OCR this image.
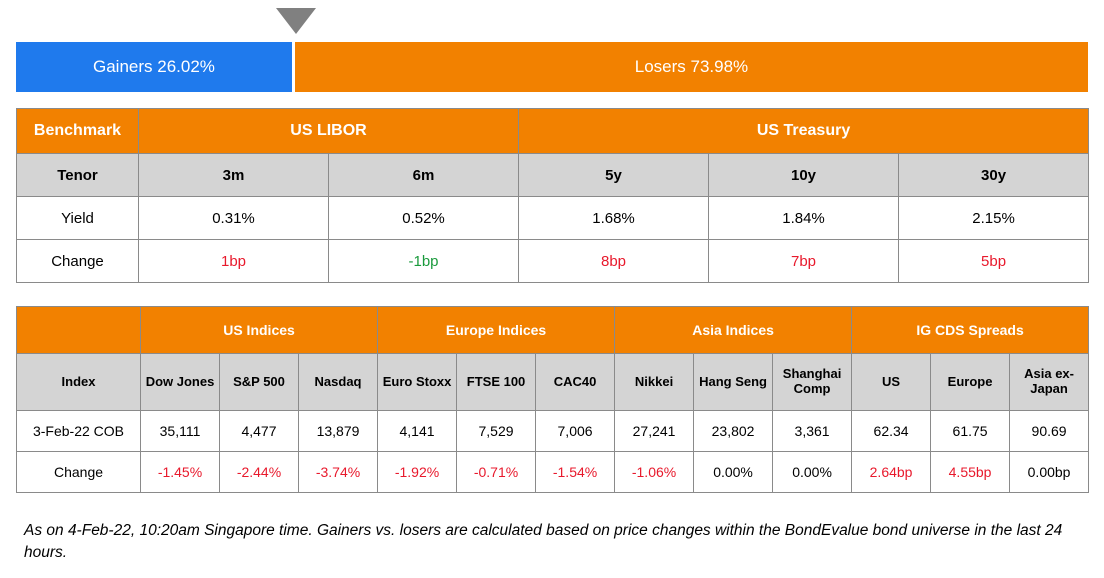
Gainers 26.02%	Losers 73.98%
Benchmark	US LIBOR		US Treasury		
Tenor	3m	6m	5y	10y	30y
Yield	0.31%	0.52%	1.68%	1.84%	2.15%
Change	1bp	-1bp	8bp	7bp	5bp
	US Indices			Europe Indices			Asia Indices			IG CDS Spreads		
Index	Dow Jones	S&P 500	Nasdaq	Euro Stoxx	FTSE 100	CAC40	Nikkei	Hang Seng	Shanghai Comp	US	Europe	Asia ex-Japan
3-Feb-22 COB	35,111	4,477	13,879	4,141	7,529	7,006	27,241	23,802	3,361	62.34	61.75	90.69
Change	-1.45%	-2.44%	-3.74%	-1.92%	-0.71%	-1.54%	-1.06%	0.00%	0.00%	2.64bp	4.55bp	0.00bp
As on 4-Feb-22, 10:20am Singapore time. Gainers vs. losers are calculated based on price changes within the BondEvalue bond universe in the last 24 hours.
